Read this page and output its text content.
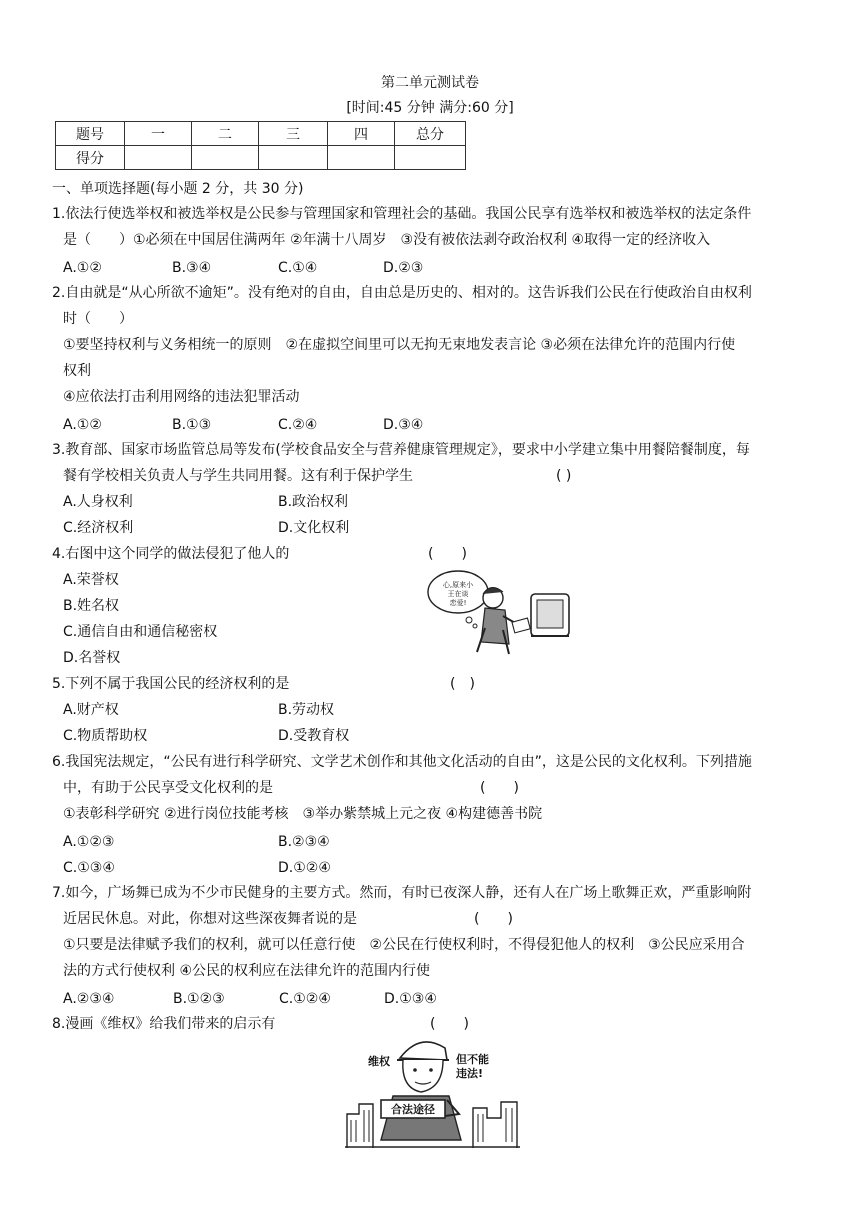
第二单元测试卷
[时间:45 分钟 满分:60 分]
题号	一	二	三	四	总分
得分					
一、单项选择题(每小题 2 分，共 30 分)
1.依法行使选举权和被选举权是公民参与管理国家和管理社会的基础。我国公民享有选举权和被选举权的法定条件
是（　　）①必须在中国居住满两年 ②年满十八周岁　③没有被依法剥夺政治权利 ④取得一定的经济收入
A.①②	B.③④	C.①④	D.②③
2.自由就是“从心所欲不逾矩”。没有绝对的自由，自由总是历史的、相对的。这告诉我们公民在行使政治自由权利
时（　　）
①要坚持权利与义务相统一的原则　②在虚拟空间里可以无拘无束地发表言论 ③必须在法律允许的范围内行使
权利
④应依法打击利用网络的违法犯罪活动
A.①②	B.①③	C.②④	D.③④
3.教育部、国家市场监管总局等发布(学校食品安全与营养健康管理规定》，要求中小学建立集中用餐陪餐制度，每
餐有学校相关负责人与学生共同用餐。这有利于保护学生	( )
A.人身权利	B.政治权利
C.经济权利	D.文化权利
4.右图中这个同学的做法侵犯了他人的	(　　)
A.荣誉权
B.姓名权
C.通信自由和通信秘密权
D.名誉权
心,原来小
王在谈
恋爱!
5.下列不属于我国公民的经济权利的是	(　)
A.财产权	B.劳动权
C.物质帮助权	D.受教育权
6.我国宪法规定，“公民有进行科学研究、文学艺术创作和其他文化活动的自由”，这是公民的文化权利。下列措施
中，有助于公民享受文化权利的是	(　　)
①表彰科学研究 ②进行岗位技能考核　③举办紫禁城上元之夜 ④构建德善书院
A.①②③	B.②③④
C.①③④	D.①②④
7.如今，广场舞已成为不少市民健身的主要方式。然而，有时已夜深人静，还有人在广场上歌舞正欢，严重影响附
近居民休息。对此，你想对这些深夜舞者说的是	(　　)
①只要是法律赋予我们的权利，就可以任意行使　②公民在行使权利时，不得侵犯他人的权利　③公民应采用合
法的方式行使权利 ④公民的权利应在法律允许的范围内行使
A.②③④	B.①②③	C.①②④	D.①③④
8.漫画《维权》给我们带来的启示有	(　　)
维权	但不能违法!
合法途径
